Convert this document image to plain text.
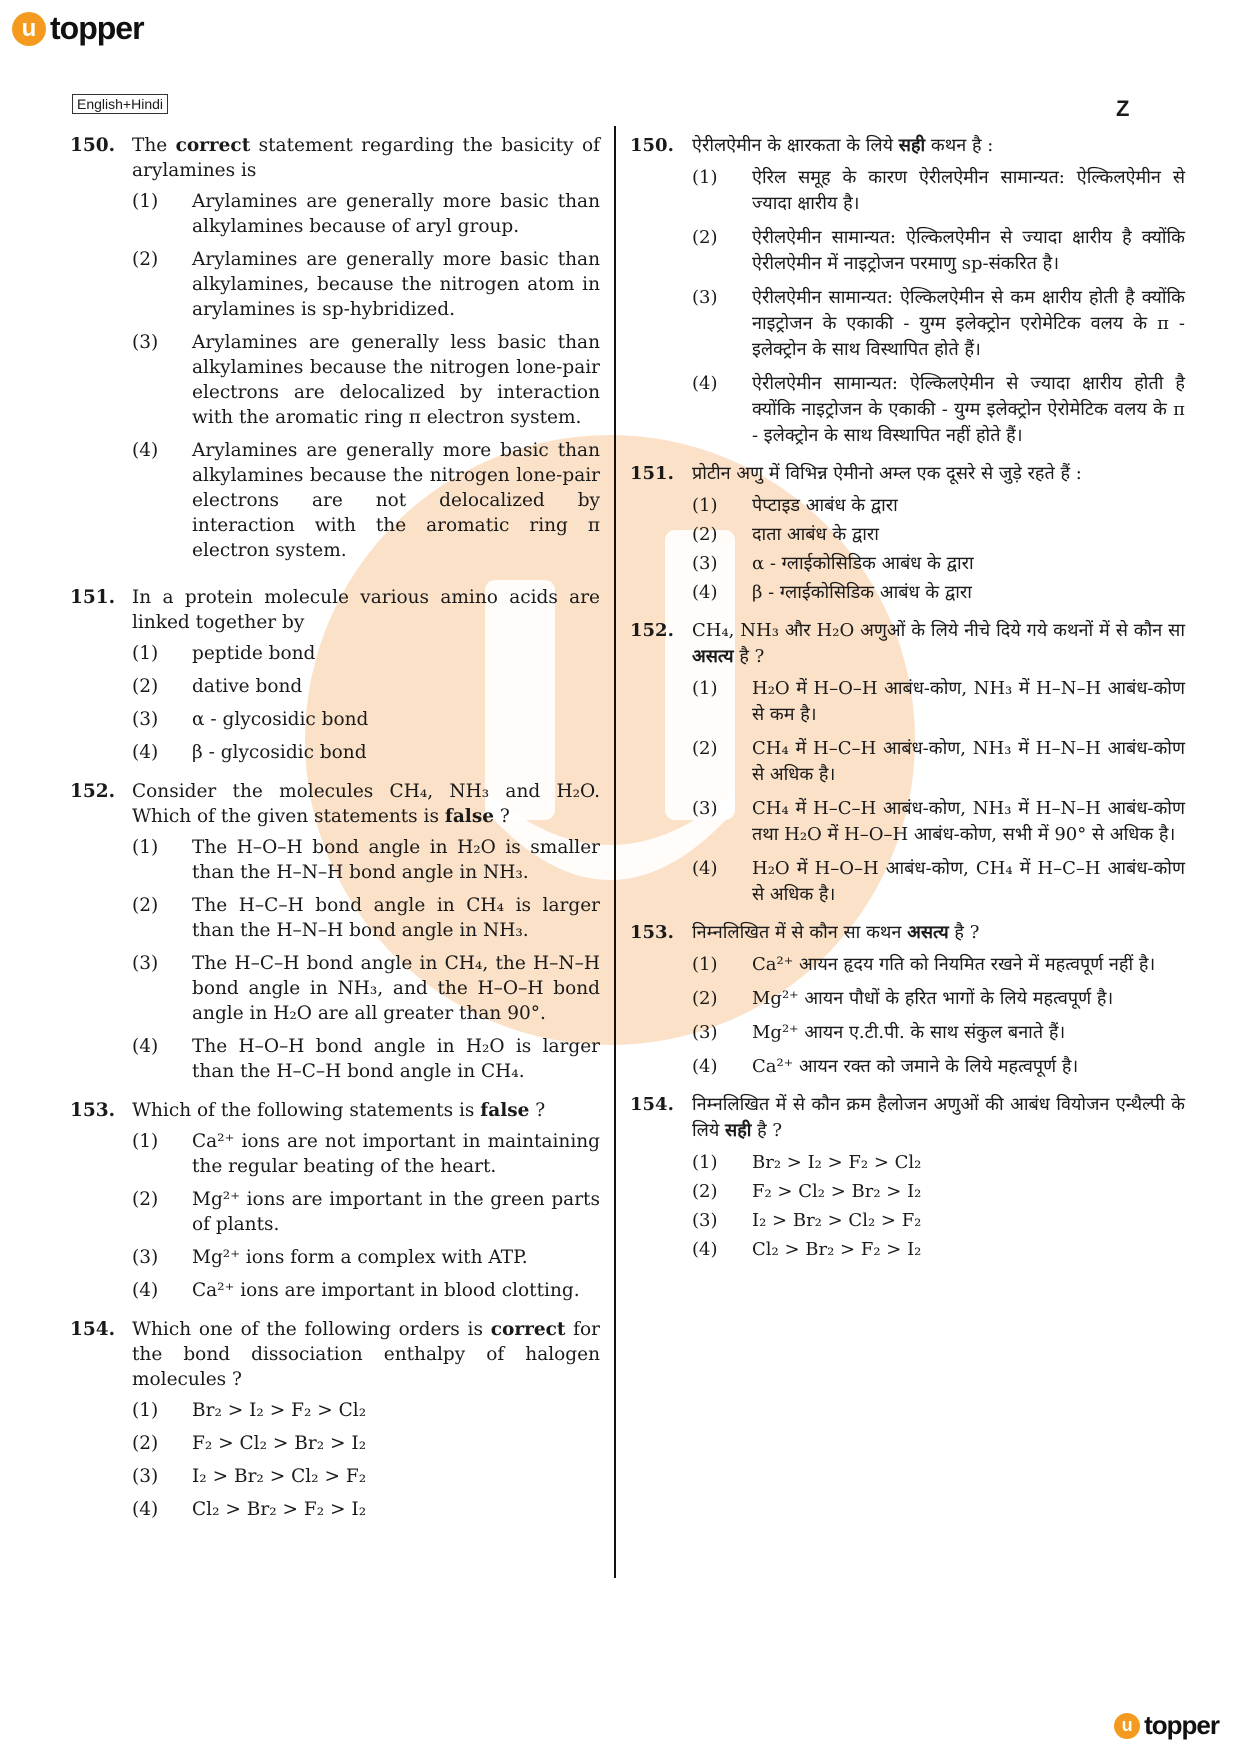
u topper
English+Hindi	Z
150. The correct statement regarding the basicity of arylamines is
(1) Arylamines are generally more basic than alkylamines because of aryl group.
(2) Arylamines are generally more basic than alkylamines, because the nitrogen atom in arylamines is sp-hybridized.
(3) Arylamines are generally less basic than alkylamines because the nitrogen lone-pair electrons are delocalized by interaction with the aromatic ring π electron system.
(4) Arylamines are generally more basic than alkylamines because the nitrogen lone-pair electrons are not delocalized by interaction with the aromatic ring π electron system.
151. In a protein molecule various amino acids are linked together by
(1) peptide bond
(2) dative bond
(3) α - glycosidic bond
(4) β - glycosidic bond
152. Consider the molecules CH₄, NH₃ and H₂O. Which of the given statements is false ?
(1) The H–O–H bond angle in H₂O is smaller than the H–N–H bond angle in NH₃.
(2) The H–C–H bond angle in CH₄ is larger than the H–N–H bond angle in NH₃.
(3) The H–C–H bond angle in CH₄, the H–N–H bond angle in NH₃, and the H–O–H bond angle in H₂O are all greater than 90°.
(4) The H–O–H bond angle in H₂O is larger than the H–C–H bond angle in CH₄.
153. Which of the following statements is false ?
(1) Ca²⁺ ions are not important in maintaining the regular beating of the heart.
(2) Mg²⁺ ions are important in the green parts of plants.
(3) Mg²⁺ ions form a complex with ATP.
(4) Ca²⁺ ions are important in blood clotting.
154. Which one of the following orders is correct for the bond dissociation enthalpy of halogen molecules ?
(1) Br₂ > I₂ > F₂ > Cl₂
(2) F₂ > Cl₂ > Br₂ > I₂
(3) I₂ > Br₂ > Cl₂ > F₂
(4) Cl₂ > Br₂ > F₂ > I₂
150. ऐरीलऐमीन के क्षारकता के लिये सही कथन है :
(1) ऐरिल समूह के कारण ऐरीलऐमीन सामान्यत: ऐल्किलऐमीन से ज्यादा क्षारीय है।
(2) ऐरीलऐमीन सामान्यत: ऐल्किलऐमीन से ज्यादा क्षारीय है क्योंकि ऐरीलऐमीन में नाइट्रोजन परमाणु sp-संकरित है।
(3) ऐरीलऐमीन सामान्यत: ऐल्किलऐमीन से कम क्षारीय होती है क्योंकि नाइट्रोजन के एकाकी - युग्म इलेक्ट्रोन एरोमेटिक वलय के π - इलेक्ट्रोन के साथ विस्थापित होते हैं।
(4) ऐरीलऐमीन सामान्यत: ऐल्किलऐमीन से ज्यादा क्षारीय होती है क्योंकि नाइट्रोजन के एकाकी - युग्म इलेक्ट्रोन ऐरोमेटिक वलय के π - इलेक्ट्रोन के साथ विस्थापित नहीं होते हैं।
151. प्रोटीन अणु में विभिन्न ऐमीनो अम्ल एक दूसरे से जुड़े रहते हैं :
(1)	पेप्टाइड आबंध के द्वारा
(2)	दाता आबंध के द्वारा
(3)	α - ग्लाईकोसिडिक आबंध के द्वारा
(4)	β - ग्लाईकोसिडिक आबंध के द्वारा
152. CH₄, NH₃ और H₂O अणुओं के लिये नीचे दिये गये कथनों में से कौन सा असत्य है ?
(1) H₂O में H–O–H आबंध-कोण, NH₃ में H–N–H आबंध-कोण से कम है।
(2) CH₄ में H–C–H आबंध-कोण, NH₃ में H–N–H आबंध-कोण से अधिक है।
(3) CH₄ में H–C–H आबंध-कोण, NH₃ में H–N–H आबंध-कोण तथा H₂O में H–O–H आबंध-कोण, सभी में 90° से अधिक है।
(4) H₂O में H–O–H आबंध-कोण, CH₄ में H–C–H आबंध-कोण से अधिक है।
153. निम्नलिखित में से कौन सा कथन असत्य है ?
(1) Ca²⁺ आयन हृदय गति को नियमित रखने में महत्वपूर्ण नहीं है।
(2) Mg²⁺ आयन पौधों के हरित भागों के लिये महत्वपूर्ण है।
(3) Mg²⁺ आयन ए.टी.पी. के साथ संकुल बनाते हैं।
(4) Ca²⁺ आयन रक्त को जमाने के लिये महत्वपूर्ण है।
154. निम्नलिखित में से कौन क्रम हैलोजन अणुओं की आबंध वियोजन एन्थैल्पी के लिये सही है ?
(1)	Br₂ > I₂ > F₂ > Cl₂
(2)	F₂ > Cl₂ > Br₂ > I₂
(3)	I₂ > Br₂ > Cl₂ > F₂
(4)	Cl₂ > Br₂ > F₂ > I₂
u topper
